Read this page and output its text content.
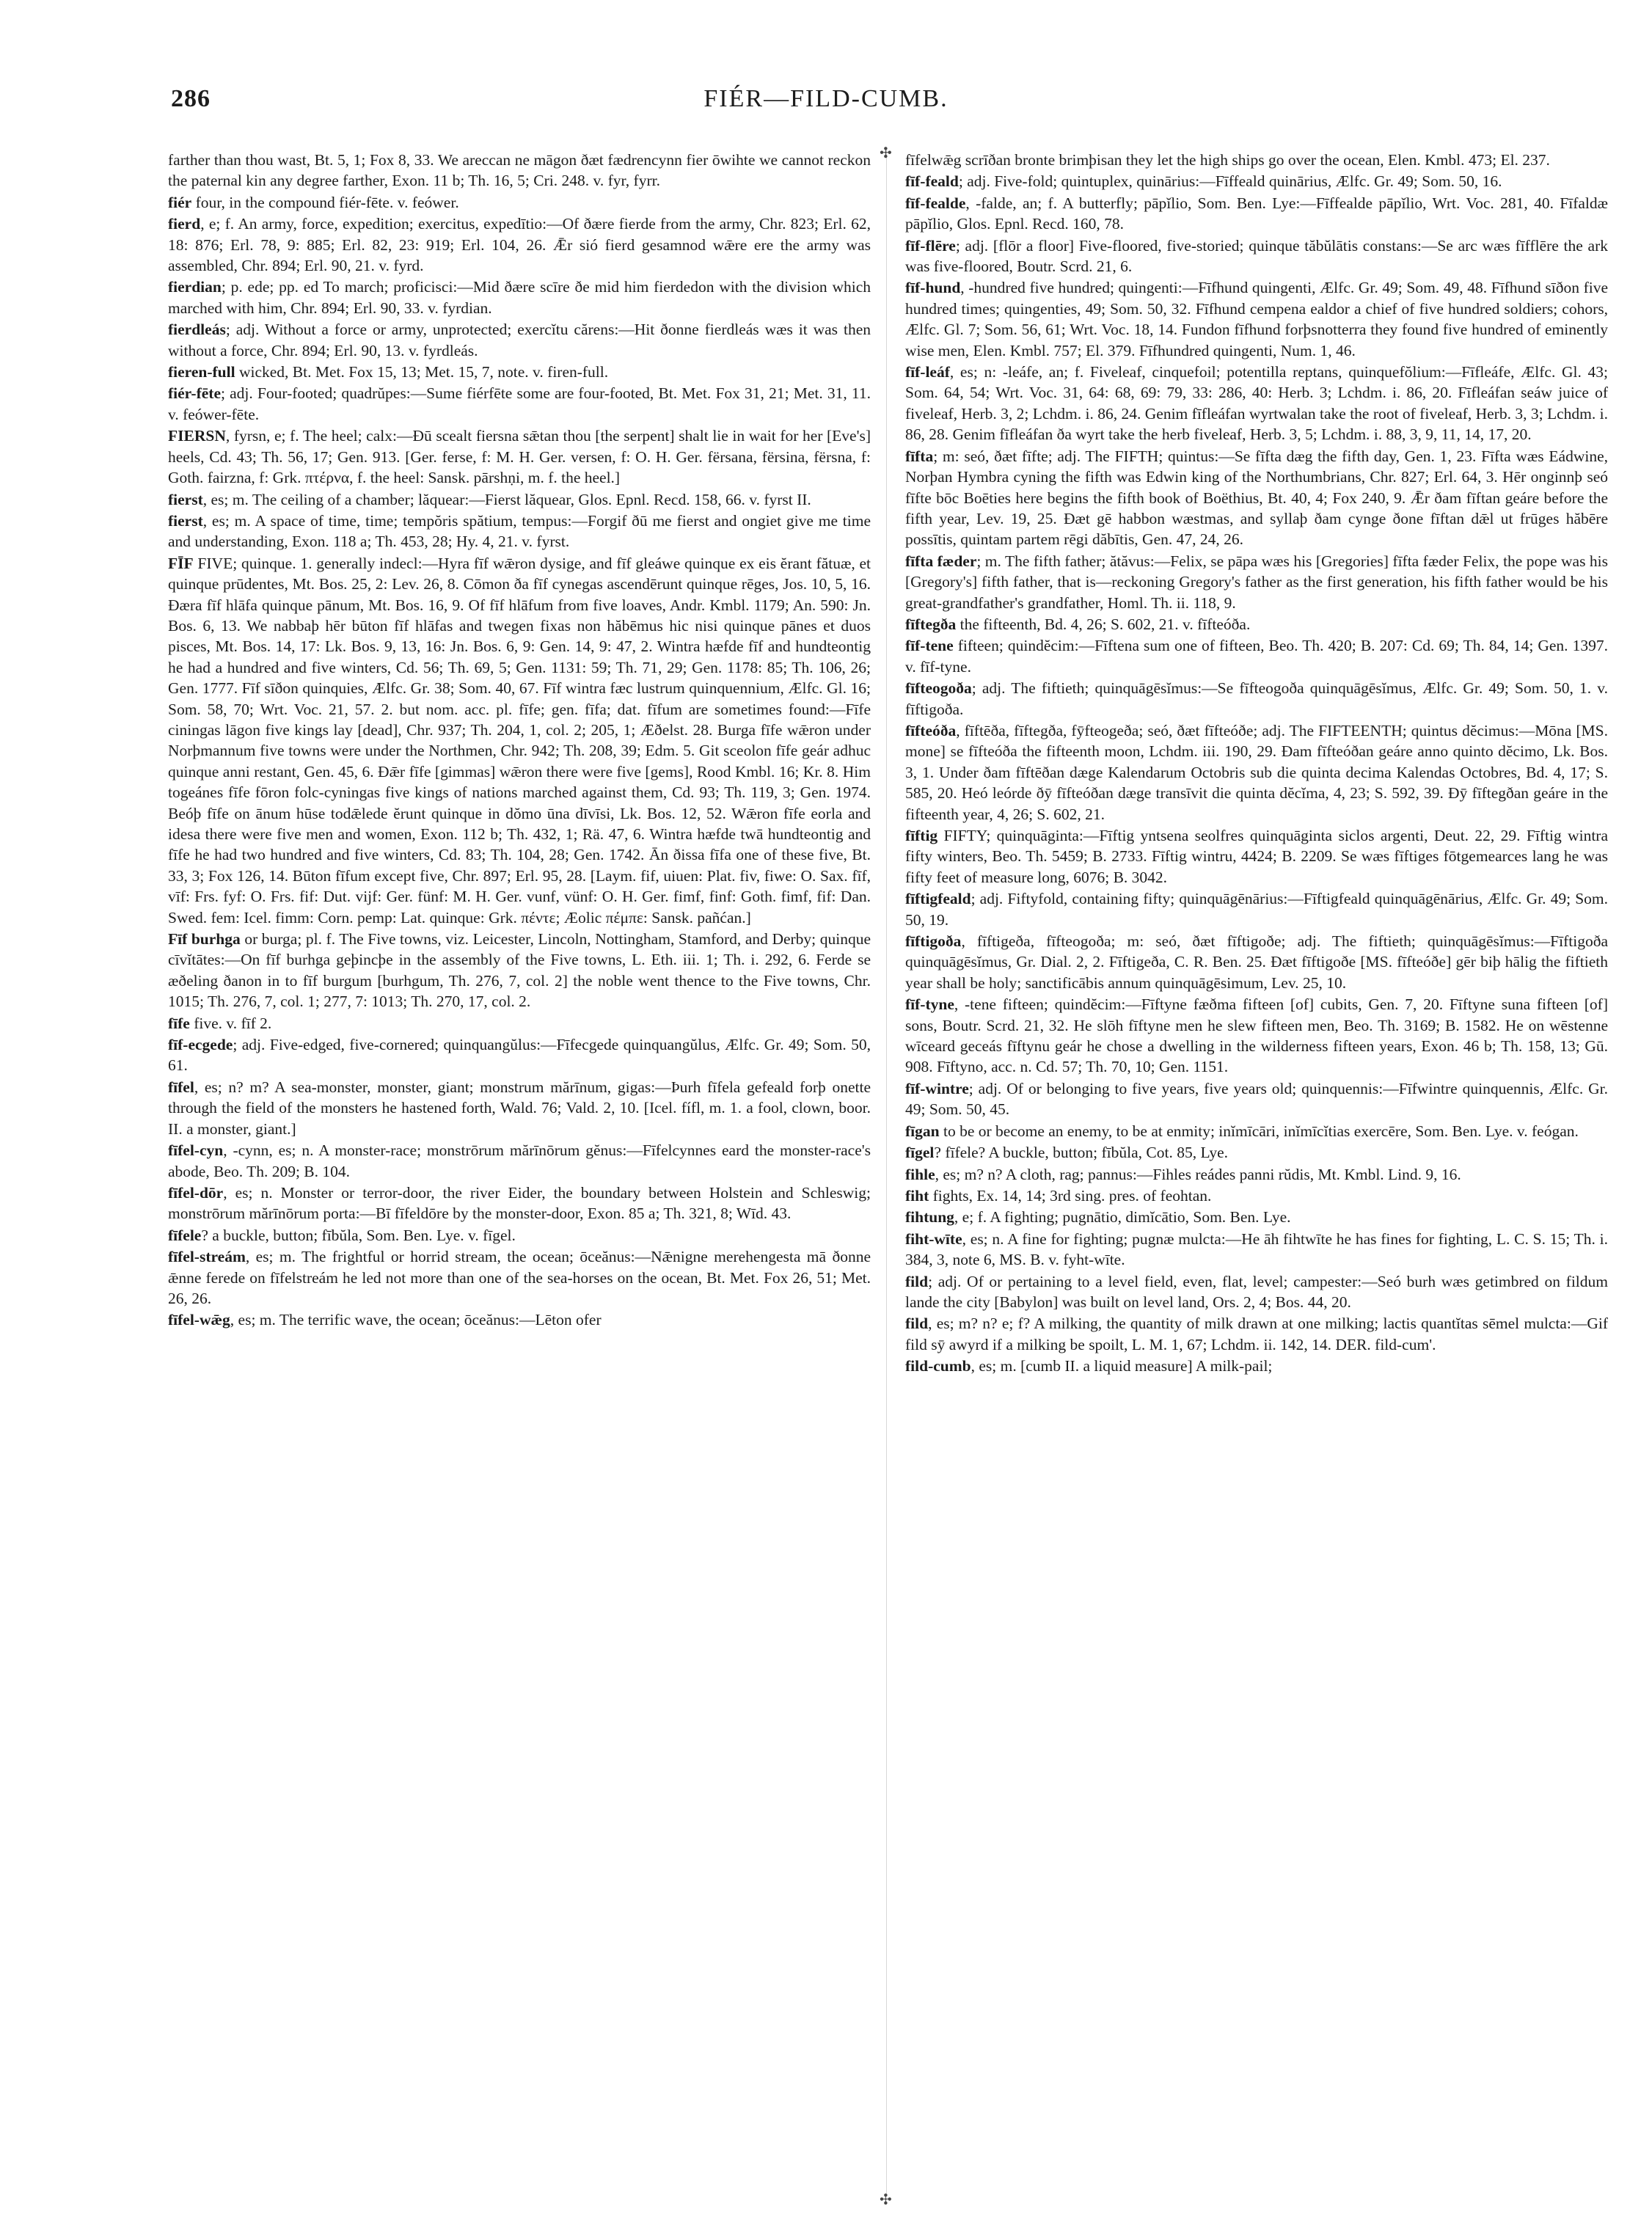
286	FIÉR—FILD-CUMB.
✣
✣

farther than thou wast, Bt. 5, 1; Fox 8, 33. We areccan ne māgon ðæt fædrencynn fier ōwihte we cannot reckon the paternal kin any degree farther, Exon. 11 b; Th. 16, 5; Cri. 248. v. fyr, fyrr.

fiér four, in the compound fiér-fēte. v. feówer.

fierd, e; f. An army, force, expedition; exercitus, expedītio:—Of ðære fierde from the army, Chr. 823; Erl. 62, 18: 876; Erl. 78, 9: 885; Erl. 82, 23: 919; Erl. 104, 26. Ǣr sió fierd gesamnod wǣre ere the army was assembled, Chr. 894; Erl. 90, 21. v. fyrd.

fierdian; p. ede; pp. ed To march; proficisci:—Mid ðære scīre ðe mid him fierdedon with the division which marched with him, Chr. 894; Erl. 90, 33. v. fyrdian.

fierdleás; adj. Without a force or army, unprotected; exercĭtu cărens:—Hit ðonne fierdleás wæs it was then without a force, Chr. 894; Erl. 90, 13. v. fyrdleás.

fieren-full wicked, Bt. Met. Fox 15, 13; Met. 15, 7, note. v. firen-full.

fiér-fēte; adj. Four-footed; quadrŭpes:—Sume fiérfēte some are four-footed, Bt. Met. Fox 31, 21; Met. 31, 11. v. feówer-fēte.

FIERSN, fyrsn, e; f. The heel; calx:—Ðū scealt fiersna sǣtan thou [the serpent] shalt lie in wait for her [Eve's] heels, Cd. 43; Th. 56, 17; Gen. 913. [Ger. ferse, f: M. H. Ger. versen, f: O. H. Ger. fërsana, fërsina, fërsna, f: Goth. fairzna, f: Grk. πτέρνα, f. the heel: Sansk. pārshṇi, m. f. the heel.]

fierst, es; m. The ceiling of a chamber; lăquear:—Fierst lăquear, Glos. Epnl. Recd. 158, 66. v. fyrst II.

fierst, es; m. A space of time, time; tempŏris spătium, tempus:—Forgif ðū me fierst and ongiet give me time and understanding, Exon. 118 a; Th. 453, 28; Hy. 4, 21. v. fyrst.

FĪF FIVE; quinque. 1. generally indecl:—Hyra fīf wǣron dysige, and fīf gleáwe quinque ex eis ĕrant fătuæ, et quinque prūdentes, Mt. Bos. 25, 2: Lev. 26, 8. Cōmon ða fīf cynegas ascendērunt quinque rēges, Jos. 10, 5, 16. Ðæra fīf hlāfa quinque pānum, Mt. Bos. 16, 9. Of fīf hlāfum from five loaves, Andr. Kmbl. 1179; An. 590: Jn. Bos. 6, 13. We nabbaþ hēr būton fīf hlāfas and twegen fixas non hăbēmus hic nisi quinque pānes et duos pisces, Mt. Bos. 14, 17: Lk. Bos. 9, 13, 16: Jn. Bos. 6, 9: Gen. 14, 9: 47, 2. Wintra hæfde fīf and hundteontig he had a hundred and five winters, Cd. 56; Th. 69, 5; Gen. 1131: 59; Th. 71, 29; Gen. 1178: 85; Th. 106, 26; Gen. 1777. Fīf sīðon quinquies, Ælfc. Gr. 38; Som. 40, 67. Fīf wintra fæc lustrum quinquennium, Ælfc. Gl. 16; Som. 58, 70; Wrt. Voc. 21, 57. 2. but nom. acc. pl. fīfe; gen. fīfa; dat. fīfum are sometimes found:—Fīfe ciningas lāgon five kings lay [dead], Chr. 937; Th. 204, 1, col. 2; 205, 1; Æðelst. 28. Burga fīfe wǣron under Norþmannum five towns were under the Northmen, Chr. 942; Th. 208, 39; Edm. 5. Git sceolon fīfe geár adhuc quinque anni restant, Gen. 45, 6. Ðǣr fīfe [gimmas] wǣron there were five [gems], Rood Kmbl. 16; Kr. 8. Him togeánes fīfe fōron folc-cyningas five kings of nations marched against them, Cd. 93; Th. 119, 3; Gen. 1974. Beóþ fīfe on ānum hūse todǣlede ĕrunt quinque in dŏmo ūna dīvīsi, Lk. Bos. 12, 52. Wǣron fīfe eorla and idesa there were five men and women, Exon. 112 b; Th. 432, 1; Rä. 47, 6. Wintra hæfde twā hundteontig and fīfe he had two hundred and five winters, Cd. 83; Th. 104, 28; Gen. 1742. Ān ðissa fīfa one of these five, Bt. 33, 3; Fox 126, 14. Būton fīfum except five, Chr. 897; Erl. 95, 28. [Laym. fif, uiuen: Plat. fiv, fiwe: O. Sax. fīf, vīf: Frs. fyf: O. Frs. fif: Dut. vijf: Ger. fünf: M. H. Ger. vunf, vünf: O. H. Ger. fimf, finf: Goth. fimf, fif: Dan. Swed. fem: Icel. fimm: Corn. pemp: Lat. quinque: Grk. πέντε; Æolic πέμπε: Sansk. pañćan.]

Fīf burhga or burga; pl. f. The Five towns, viz. Leicester, Lincoln, Nottingham, Stamford, and Derby; quinque cīvĭtātes:—On fīf burhga geþincþe in the assembly of the Five towns, L. Eth. iii. 1; Th. i. 292, 6. Ferde se æðeling ðanon in to fīf burgum [burhgum, Th. 276, 7, col. 2] the noble went thence to the Five towns, Chr. 1015; Th. 276, 7, col. 1; 277, 7: 1013; Th. 270, 17, col. 2.

fīfe five. v. fīf 2.

fīf-ecgede; adj. Five-edged, five-cornered; quinquangŭlus:—Fīfecgede quinquangŭlus, Ælfc. Gr. 49; Som. 50, 61.

fīfel, es; n? m? A sea-monster, monster, giant; monstrum mărīnum, gigas:—Þurh fīfela gefeald forþ onette through the field of the monsters he hastened forth, Wald. 76; Vald. 2, 10. [Icel. fífl, m. 1. a fool, clown, boor. II. a monster, giant.]

fīfel-cyn, -cynn, es; n. A monster-race; monstrōrum mărīnōrum gĕnus:—Fīfelcynnes eard the monster-race's abode, Beo. Th. 209; B. 104.

fīfel-dōr, es; n. Monster or terror-door, the river Eider, the boundary between Holstein and Schleswig; monstrōrum mărīnōrum porta:—Bī fīfeldōre by the monster-door, Exon. 85 a; Th. 321, 8; Wīd. 43.

fīfele? a buckle, button; fībŭla, Som. Ben. Lye. v. fīgel.

fīfel-streám, es; m. The frightful or horrid stream, the ocean; ōceănus:—Nǣnigne merehengesta mā ðonne ǣnne ferede on fīfelstreám he led not more than one of the sea-horses on the ocean, Bt. Met. Fox 26, 51; Met. 26, 26.

fīfel-wǣg, es; m. The terrific wave, the ocean; ōceănus:—Lēton ofer

fīfelwǣg scrīðan bronte brimþisan they let the high ships go over the ocean, Elen. Kmbl. 473; El. 237.

fīf-feald; adj. Five-fold; quintuplex, quinārius:—Fīffeald quinārius, Ælfc. Gr. 49; Som. 50, 16.

fīf-fealde, -falde, an; f. A butterfly; pāpĭlio, Som. Ben. Lye:—Fīffealde pāpĭlio, Wrt. Voc. 281, 40. Fīfaldæ pāpĭlio, Glos. Epnl. Recd. 160, 78.

fīf-flēre; adj. [flōr a floor] Five-floored, five-storied; quinque tăbŭlātis constans:—Se arc wæs fīfflēre the ark was five-floored, Boutr. Scrd. 21, 6.

fīf-hund, -hundred five hundred; quingenti:—Fīfhund quingenti, Ælfc. Gr. 49; Som. 49, 48. Fīfhund sīðon five hundred times; quingenties, 49; Som. 50, 32. Fīfhund cempena ealdor a chief of five hundred soldiers; cohors, Ælfc. Gl. 7; Som. 56, 61; Wrt. Voc. 18, 14. Fundon fīfhund forþsnotterra they found five hundred of eminently wise men, Elen. Kmbl. 757; El. 379. Fīfhundred quingenti, Num. 1, 46.

fīf-leáf, es; n: -leáfe, an; f. Fiveleaf, cinquefoil; potentilla reptans, quinquefŏlium:—Fīfleáfe, Ælfc. Gl. 43; Som. 64, 54; Wrt. Voc. 31, 64: 68, 69: 79, 33: 286, 40: Herb. 3; Lchdm. i. 86, 20. Fīfleáfan seáw juice of fiveleaf, Herb. 3, 2; Lchdm. i. 86, 24. Genim fīfleáfan wyrtwalan take the root of fiveleaf, Herb. 3, 3; Lchdm. i. 86, 28. Genim fīfleáfan ða wyrt take the herb fiveleaf, Herb. 3, 5; Lchdm. i. 88, 3, 9, 11, 14, 17, 20.

fīfta; m: seó, ðæt fīfte; adj. The FIFTH; quintus:—Se fīfta dæg the fifth day, Gen. 1, 23. Fīfta wæs Eádwine, Norþan Hymbra cyning the fifth was Edwin king of the Northumbrians, Chr. 827; Erl. 64, 3. Hēr onginnþ seó fīfte bōc Boēties here begins the fifth book of Boëthius, Bt. 40, 4; Fox 240, 9. Ǣr ðam fīftan geáre before the fifth year, Lev. 19, 25. Ðæt gē habbon wæstmas, and syllaþ ðam cynge ðone fīftan dǣl ut frūges hăbēre possītis, quintam partem rēgi dăbītis, Gen. 47, 24, 26.

fīfta fæder; m. The fifth father; ătăvus:—Felix, se pāpa wæs his [Gregories] fīfta fæder Felix, the pope was his [Gregory's] fifth father, that is—reckoning Gregory's father as the first generation, his fifth father would be his great-grandfather's grandfather, Homl. Th. ii. 118, 9.

fīftegða the fifteenth, Bd. 4, 26; S. 602, 21. v. fīfteóða.

fīf-tene fifteen; quindĕcim:—Fīftena sum one of fifteen, Beo. Th. 420; B. 207: Cd. 69; Th. 84, 14; Gen. 1397. v. fīf-tyne.

fīfteogoða; adj. The fiftieth; quinquāgēsĭmus:—Se fīfteogoða quinquāgēsĭmus, Ælfc. Gr. 49; Som. 50, 1. v. fīftigoða.

fīfteóða, fīftēða, fīftegða, fȳfteogeða; seó, ðæt fīfteóðe; adj. The FIFTEENTH; quintus dĕcimus:—Mōna [MS. mone] se fīfteóða the fifteenth moon, Lchdm. iii. 190, 29. Ðam fīfteóðan geáre anno quinto dĕcimo, Lk. Bos. 3, 1. Under ðam fīftēðan dæge Kalendarum Octobris sub die quinta decima Kalendas Octobres, Bd. 4, 17; S. 585, 20. Heó leórde ðȳ fīfteóðan dæge transīvit die quinta dĕcĭma, 4, 23; S. 592, 39. Ðȳ fīftegðan geáre in the fifteenth year, 4, 26; S. 602, 21.

fīftig FIFTY; quinquāginta:—Fīftig yntsena seolfres quinquāginta siclos argenti, Deut. 22, 29. Fīftig wintra fifty winters, Beo. Th. 5459; B. 2733. Fīftig wintru, 4424; B. 2209. Se wæs fīftiges fōtgemearces lang he was fifty feet of measure long, 6076; B. 3042.

fīftigfeald; adj. Fiftyfold, containing fifty; quinquāgēnārius:—Fīftigfeald quinquāgēnārius, Ælfc. Gr. 49; Som. 50, 19.

fīftigoða, fīftigeða, fīfteogoða; m: seó, ðæt fīftigoðe; adj. The fiftieth; quinquāgēsĭmus:—Fīftigoða quinquāgēsĭmus, Gr. Dial. 2, 2. Fīftigeða, C. R. Ben. 25. Ðæt fīftigoðe [MS. fīfteóðe] gēr biþ hālig the fiftieth year shall be holy; sanctificābis annum quinquāgēsimum, Lev. 25, 10.

fīf-tyne, -tene fifteen; quindĕcim:—Fīftyne fæðma fifteen [of] cubits, Gen. 7, 20. Fīftyne suna fifteen [of] sons, Boutr. Scrd. 21, 32. He slōh fīftyne men he slew fifteen men, Beo. Th. 3169; B. 1582. He on wēstenne wīceard geceás fīftynu geár he chose a dwelling in the wilderness fifteen years, Exon. 46 b; Th. 158, 13; Gū. 908. Fīftyno, acc. n. Cd. 57; Th. 70, 10; Gen. 1151.

fīf-wintre; adj. Of or belonging to five years, five years old; quinquennis:—Fīfwintre quinquennis, Ælfc. Gr. 49; Som. 50, 45.

fīgan to be or become an enemy, to be at enmity; inĭmīcāri, inĭmīcĭtias exercēre, Som. Ben. Lye. v. feógan.

fīgel? fīfele? A buckle, button; fībŭla, Cot. 85, Lye.

fihle, es; m? n? A cloth, rag; pannus:—Fihles reádes panni rŭdis, Mt. Kmbl. Lind. 9, 16.

fiht fights, Ex. 14, 14; 3rd sing. pres. of feohtan.

fihtung, e; f. A fighting; pugnātio, dimĭcātio, Som. Ben. Lye.

fiht-wīte, es; n. A fine for fighting; pugnæ mulcta:—He āh fihtwīte he has fines for fighting, L. C. S. 15; Th. i. 384, 3, note 6, MS. B. v. fyht-wīte.

fild; adj. Of or pertaining to a level field, even, flat, level; campester:—Seó burh wæs getimbred on fildum lande the city [Babylon] was built on level land, Ors. 2, 4; Bos. 44, 20.

fild, es; m? n? e; f? A milking, the quantity of milk drawn at one milking; lactis quantĭtas sēmel mulcta:—Gif fild sȳ awyrd if a milking be spoilt, L. M. 1, 67; Lchdm. ii. 142, 14. DER. fild-cum'.

fild-cumb, es; m. [cumb II. a liquid measure] A milk-pail;
